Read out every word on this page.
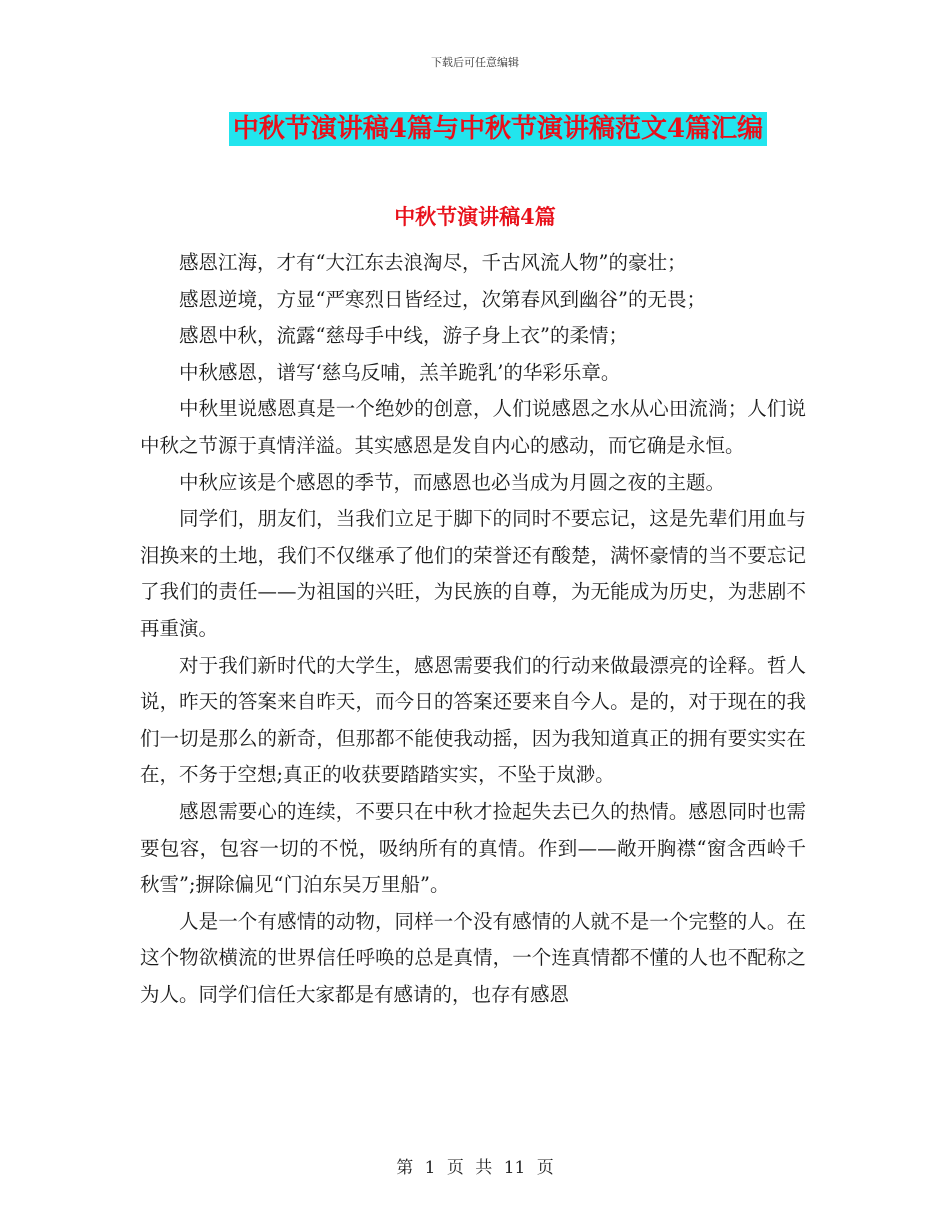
下载后可任意编辑
中秋节演讲稿4篇与中秋节演讲稿范文4篇汇编
中秋节演讲稿4篇

感恩江海，才有“大江东去浪淘尽，千古风流人物”的豪壮；

感恩逆境，方显“严寒烈日皆经过，次第春风到幽谷”的无畏；

感恩中秋，流露“慈母手中线，游子身上衣”的柔情；

中秋感恩，谱写‘慈乌反哺，羔羊跪乳’的华彩乐章。

中秋里说感恩真是一个绝妙的创意，人们说感恩之水从心田流淌；人们说中秋之节源于真情洋溢。其实感恩是发自内心的感动，而它确是永恒。

中秋应该是个感恩的季节，而感恩也必当成为月圆之夜的主题。

同学们，朋友们，当我们立足于脚下的同时不要忘记，这是先辈们用血与泪换来的土地，我们不仅继承了他们的荣誉还有酸楚，满怀豪情的当不要忘记了我们的责任——为祖国的兴旺，为民族的自尊，为无能成为历史，为悲剧不再重演。

对于我们新时代的大学生，感恩需要我们的行动来做最漂亮的诠释。哲人说，昨天的答案来自昨天，而今日的答案还要来自今人。是的，对于现在的我们一切是那么的新奇，但那都不能使我动摇，因为我知道真正的拥有要实实在在，不务于空想;真正的收获要踏踏实实，不坠于岚渺。

感恩需要心的连续，不要只在中秋才捡起失去已久的热情。感恩同时也需要包容，包容一切的不悦，吸纳所有的真情。作到——敞开胸襟“窗含西岭千秋雪”;摒除偏见“门泊东吴万里船”。

人是一个有感情的动物，同样一个没有感情的人就不是一个完整的人。在这个物欲横流的世界信任呼唤的总是真情，一个连真情都不懂的人也不配称之为人。同学们信任大家都是有感请的，也存有感恩

第 1 页 共 11 页
